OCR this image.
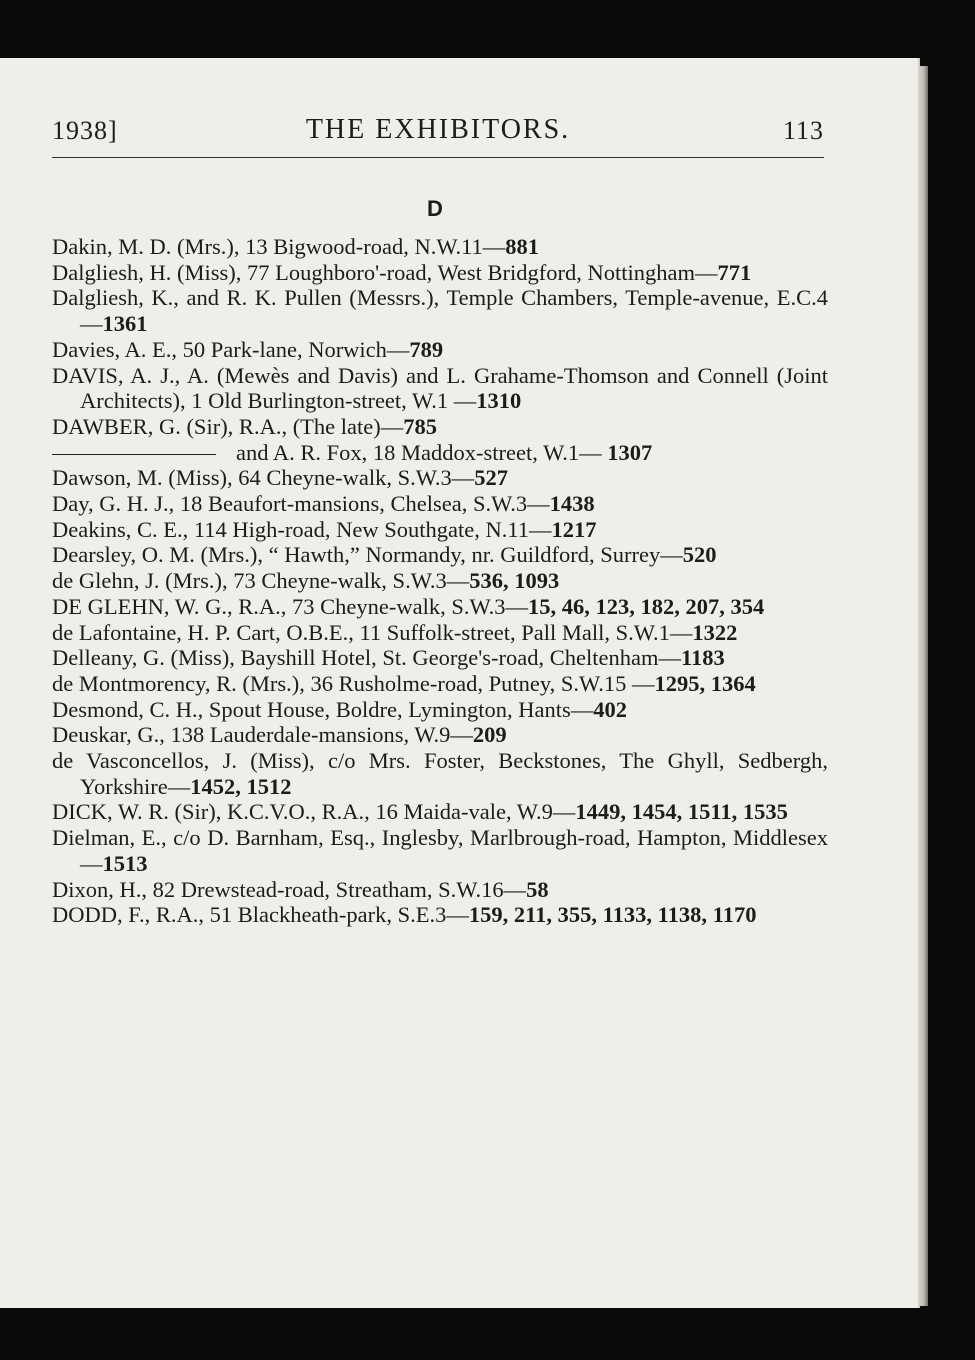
1938]	THE EXHIBITORS.	113
D
Dakin, M. D. (Mrs.), 13 Bigwood-road, N.W.11—881
Dalgliesh, H. (Miss), 77 Loughboro'-road, West Bridgford, Nottingham—771
Dalgliesh, K., and R. K. Pullen (Messrs.), Temple Chambers, Temple-avenue, E.C.4—1361
Davies, A. E., 50 Park-lane, Norwich—789
DAVIS, A. J., A. (Mewès and Davis) and L. Grahame-Thomson and Connell (Joint Architects), 1 Old Burlington-street, W.1 —1310
DAWBER, G. (Sir), R.A., (The late)—785
and A. R. Fox, 18 Maddox-street, W.1— 1307
Dawson, M. (Miss), 64 Cheyne-walk, S.W.3—527
Day, G. H. J., 18 Beaufort-mansions, Chelsea, S.W.3—1438
Deakins, C. E., 114 High-road, New Southgate, N.11—1217
Dearsley, O. M. (Mrs.), “ Hawth,” Normandy, nr. Guildford, Surrey—520
de Glehn, J. (Mrs.), 73 Cheyne-walk, S.W.3—536, 1093
DE GLEHN, W. G., R.A., 73 Cheyne-walk, S.W.3—15, 46, 123, 182, 207, 354
de Lafontaine, H. P. Cart, O.B.E., 11 Suffolk-street, Pall Mall, S.W.1—1322
Delleany, G. (Miss), Bayshill Hotel, St. George's-road, Cheltenham—1183
de Montmorency, R. (Mrs.), 36 Rusholme-road, Putney, S.W.15 —1295, 1364
Desmond, C. H., Spout House, Boldre, Lymington, Hants—402
Deuskar, G., 138 Lauderdale-mansions, W.9—209
de Vasconcellos, J. (Miss), c/o Mrs. Foster, Beckstones, The Ghyll, Sedbergh, Yorkshire—1452, 1512
DICK, W. R. (Sir), K.C.V.O., R.A., 16 Maida-vale, W.9—1449, 1454, 1511, 1535
Dielman, E., c/o D. Barnham, Esq., Inglesby, Marlbrough-road, Hampton, Middlesex—1513
Dixon, H., 82 Drewstead-road, Streatham, S.W.16—58
DODD, F., R.A., 51 Blackheath-park, S.E.3—159, 211, 355, 1133, 1138, 1170
